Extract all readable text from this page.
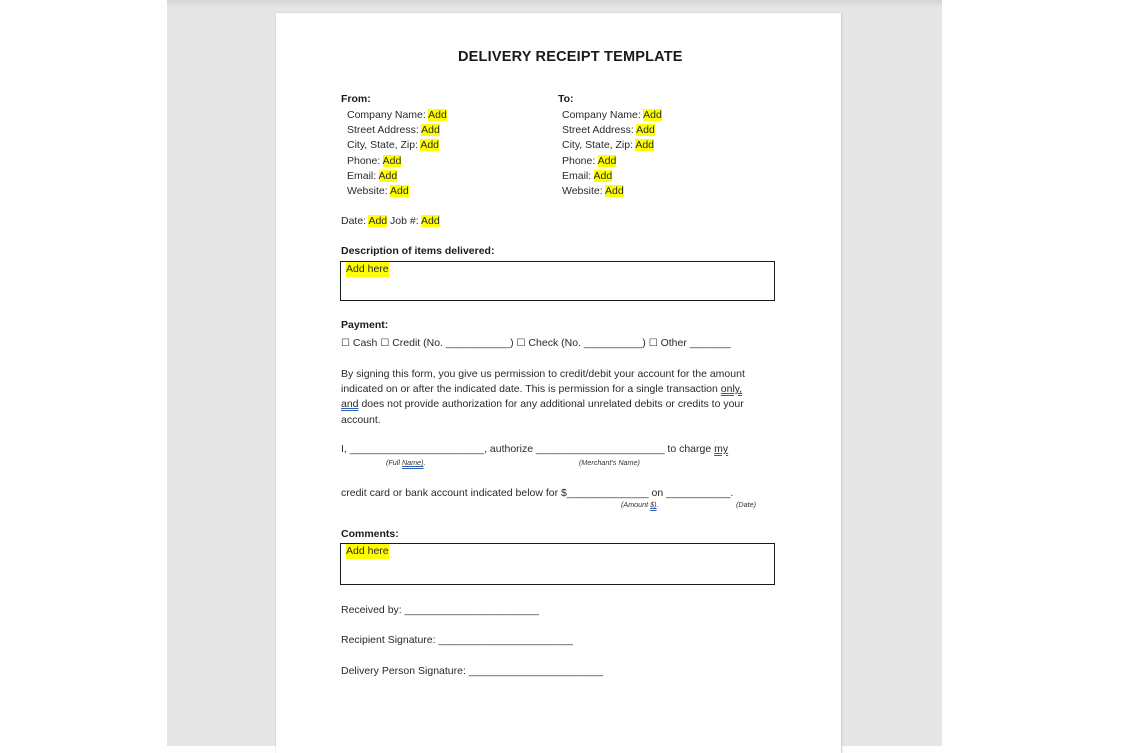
DELIVERY RECEIPT TEMPLATE
From:
Company Name: Add
Street Address: Add
City, State, Zip: Add
Phone: Add
Email: Add
Website: Add
To:
Company Name: Add
Street Address: Add
City, State, Zip: Add
Phone: Add
Email: Add
Website: Add
Date: Add Job #: Add
Description of items delivered:
Add here
Payment:
☐ Cash ☐ Credit (No. ___________) ☐ Check (No. __________) ☐ Other _______
By signing this form, you give us permission to credit/debit your account for the amount
indicated on or after the indicated date. This is permission for a single transaction only,
and does not provide authorization for any additional unrelated debits or credits to your
account.
I, _______________________, authorize ______________________ to charge my
(Full Name).	(Merchant's Name)
credit card or bank account indicated below for $______________ on ___________.
(Amount $).	(Date)
Comments:
Add here
Received by: _______________________
Recipient Signature: _______________________
Delivery Person Signature: _______________________
